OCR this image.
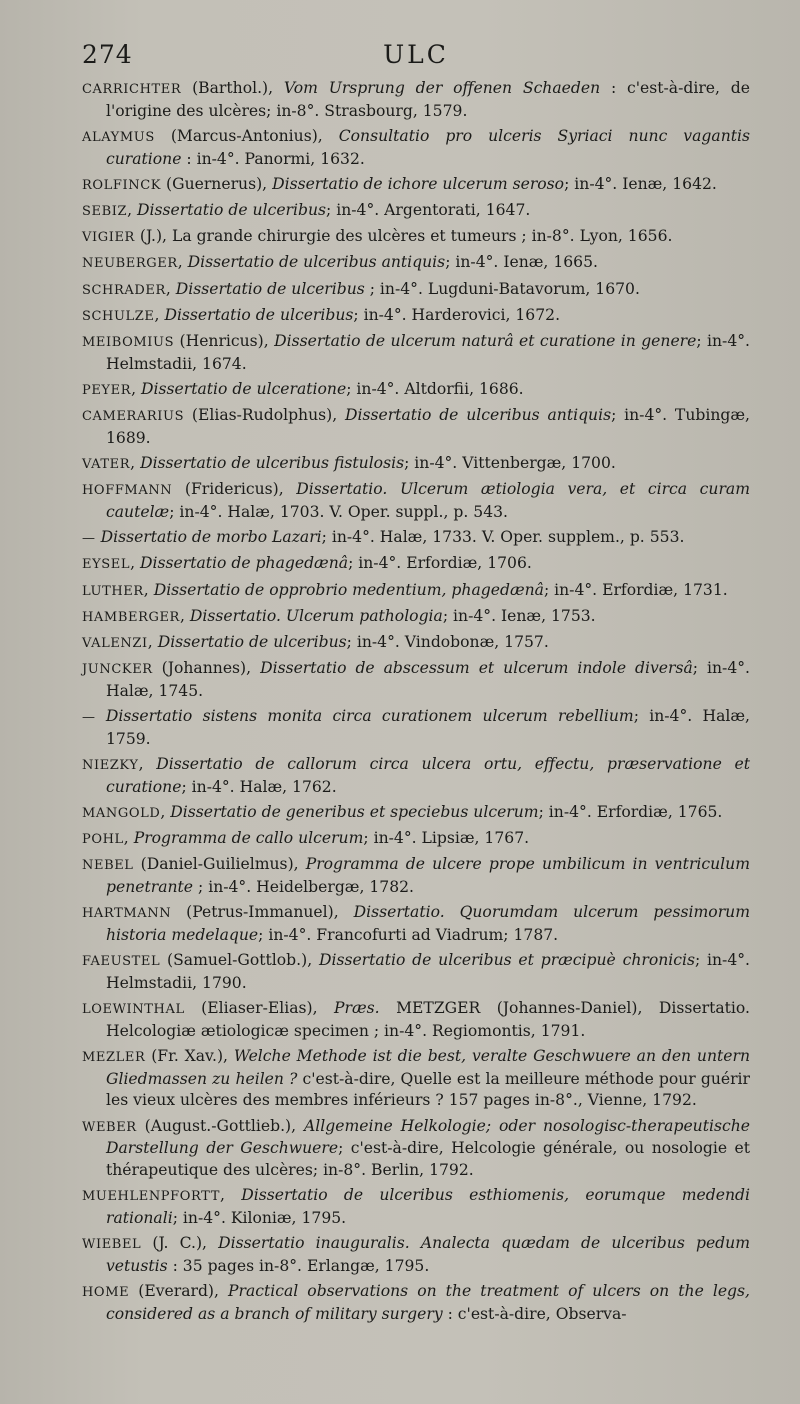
274	ULC

CARRICHTER (Barthol.), Vom Ursprung der offenen Schaeden : c'est-à-dire, de l'origine des ulcères; in-8°. Strasbourg, 1579.

ALAYMUS (Marcus-Antonius), Consultatio pro ulceris Syriaci nunc vagantis curatione : in-4°. Panormi, 1632.

ROLFINCK (Guernerus), Dissertatio de ichore ulcerum seroso; in-4°. Ienæ, 1642.

SEBIZ, Dissertatio de ulceribus; in-4°. Argentorati, 1647.

VIGIER (J.), La grande chirurgie des ulcères et tumeurs ; in-8°. Lyon, 1656.

NEUBERGER, Dissertatio de ulceribus antiquis; in-4°. Ienæ, 1665.

SCHRADER, Dissertatio de ulceribus ; in-4°. Lugduni-Batavorum, 1670.

SCHULZE, Dissertatio de ulceribus; in-4°. Harderovici, 1672.

MEIBOMIUS (Henricus), Dissertatio de ulcerum naturâ et curatione in genere; in-4°. Helmstadii, 1674.

PEYER, Dissertatio de ulceratione; in-4°. Altdorfii, 1686.

CAMERARIUS (Elias-Rudolphus), Dissertatio de ulceribus antiquis; in-4°. Tubingæ, 1689.

VATER, Dissertatio de ulceribus fistulosis; in-4°. Vittenbergæ, 1700.

HOFFMANN (Fridericus), Dissertatio. Ulcerum ætiologia vera, et circa curam cautelæ; in-4°. Halæ, 1703. V. Oper. suppl., p. 543.

— Dissertatio de morbo Lazari; in-4°. Halæ, 1733. V. Oper. supplem., p. 553.

EYSEL, Dissertatio de phagedænâ; in-4°. Erfordiæ, 1706.

LUTHER, Dissertatio de opprobrio medentium, phagedænâ; in-4°. Erfordiæ, 1731.

HAMBERGER, Dissertatio. Ulcerum pathologia; in-4°. Ienæ, 1753.

VALENZI, Dissertatio de ulceribus; in-4°. Vindobonæ, 1757.

JUNCKER (Johannes), Dissertatio de abscessum et ulcerum indole diversâ; in-4°. Halæ, 1745.

— Dissertatio sistens monita circa curationem ulcerum rebellium; in-4°. Halæ, 1759.

NIEZKY, Dissertatio de callorum circa ulcera ortu, effectu, præservatione et curatione; in-4°. Halæ, 1762.

MANGOLD, Dissertatio de generibus et speciebus ulcerum; in-4°. Erfordiæ, 1765.

POHL, Programma de callo ulcerum; in-4°. Lipsiæ, 1767.

NEBEL (Daniel-Guilielmus), Programma de ulcere prope umbilicum in ventriculum penetrante ; in-4°. Heidelbergæ, 1782.

HARTMANN (Petrus-Immanuel), Dissertatio. Quorumdam ulcerum pessimorum historia medelaque; in-4°. Francofurti ad Viadrum; 1787.

FAEUSTEL (Samuel-Gottlob.), Dissertatio de ulceribus et præcipuè chronicis; in-4°. Helmstadii, 1790.

LOEWINTHAL (Eliaser-Elias), Præs. METZGER (Johannes-Daniel), Dissertatio. Helcologiæ ætiologicæ specimen ; in-4°. Regiomontis, 1791.

MEZLER (Fr. Xav.), Welche Methode ist die best, veralte Geschwuere an den untern Gliedmassen zu heilen ? c'est-à-dire, Quelle est la meilleure méthode pour guérir les vieux ulcères des membres inférieurs ? 157 pages in-8°., Vienne, 1792.

WEBER (August.-Gottlieb.), Allgemeine Helkologie; oder nosologisc-therapeutische Darstellung der Geschwuere; c'est-à-dire, Helcologie générale, ou nosologie et thérapeutique des ulcères; in-8°. Berlin, 1792.

MUEHLENPFORTT, Dissertatio de ulceribus esthiomenis, eorumque medendi rationali; in-4°. Kiloniæ, 1795.

WIEBEL (J. C.), Dissertatio inauguralis. Analecta quædam de ulceribus pedum vetustis : 35 pages in-8°. Erlangæ, 1795.

HOME (Everard), Practical observations on the treatment of ulcers on the legs, considered as a branch of military surgery : c'est-à-dire, Observa-
